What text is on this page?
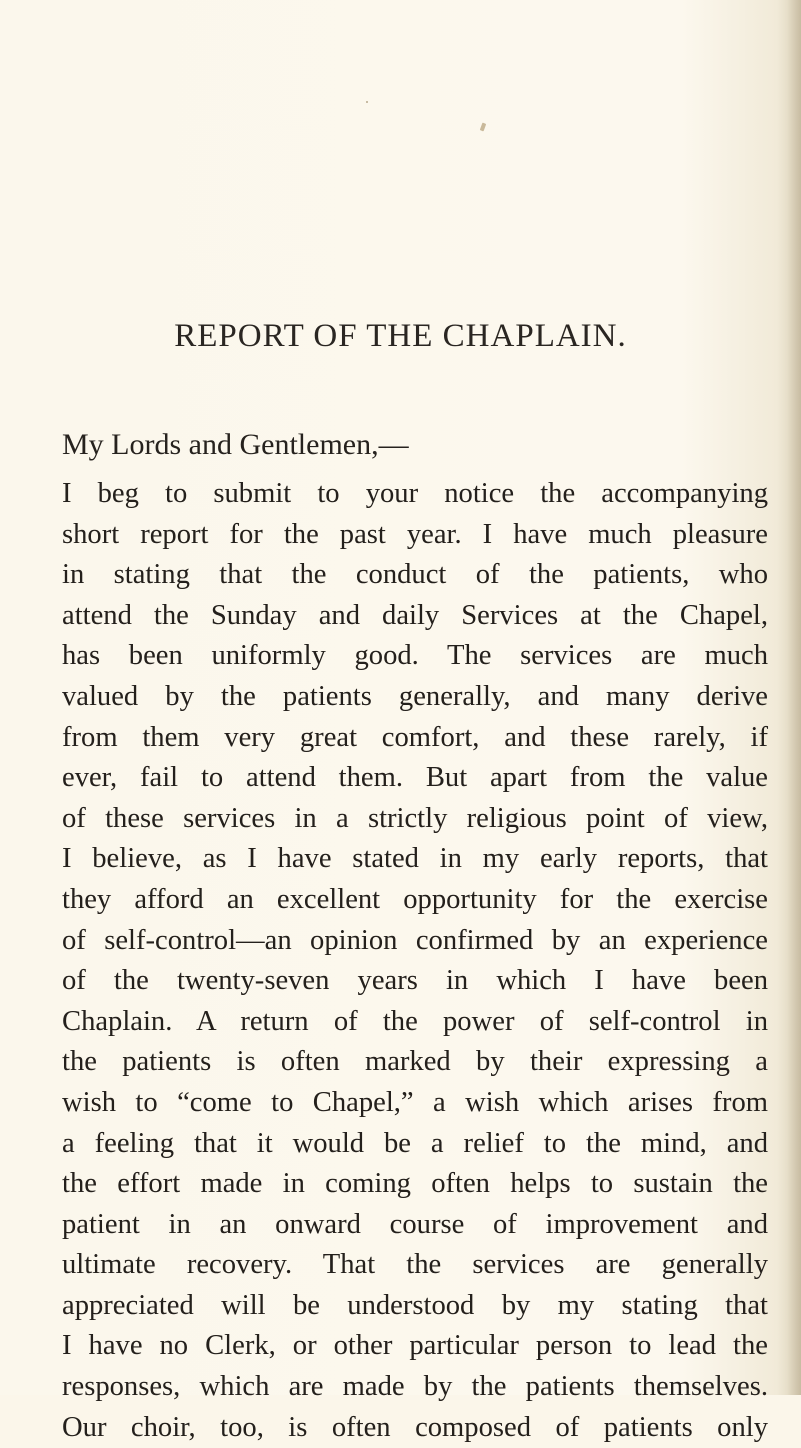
REPORT OF THE CHAPLAIN.
My Lords and Gentlemen,—
I beg to submit to your notice the accompanying
short report for the past year. I have much pleasure
in stating that the conduct of the patients, who
attend the Sunday and daily Services at the Chapel,
has been uniformly good. The services are much
valued by the patients generally, and many derive
from them very great comfort, and these rarely, if
ever, fail to attend them. But apart from the value
of these services in a strictly religious point of view,
I believe, as I have stated in my early reports, that
they afford an excellent opportunity for the exercise
of self-control—an opinion confirmed by an experience
of the twenty-seven years in which I have been
Chaplain. A return of the power of self-control in
the patients is often marked by their expressing a
wish to “come to Chapel,” a wish which arises from
a feeling that it would be a relief to the mind, and
the effort made in coming often helps to sustain the
patient in an onward course of improvement and
ultimate recovery. That the services are generally
appreciated will be understood by my stating that
I have no Clerk, or other particular person to lead the
responses, which are made by the patients themselves.
Our choir, too, is often composed of patients only
